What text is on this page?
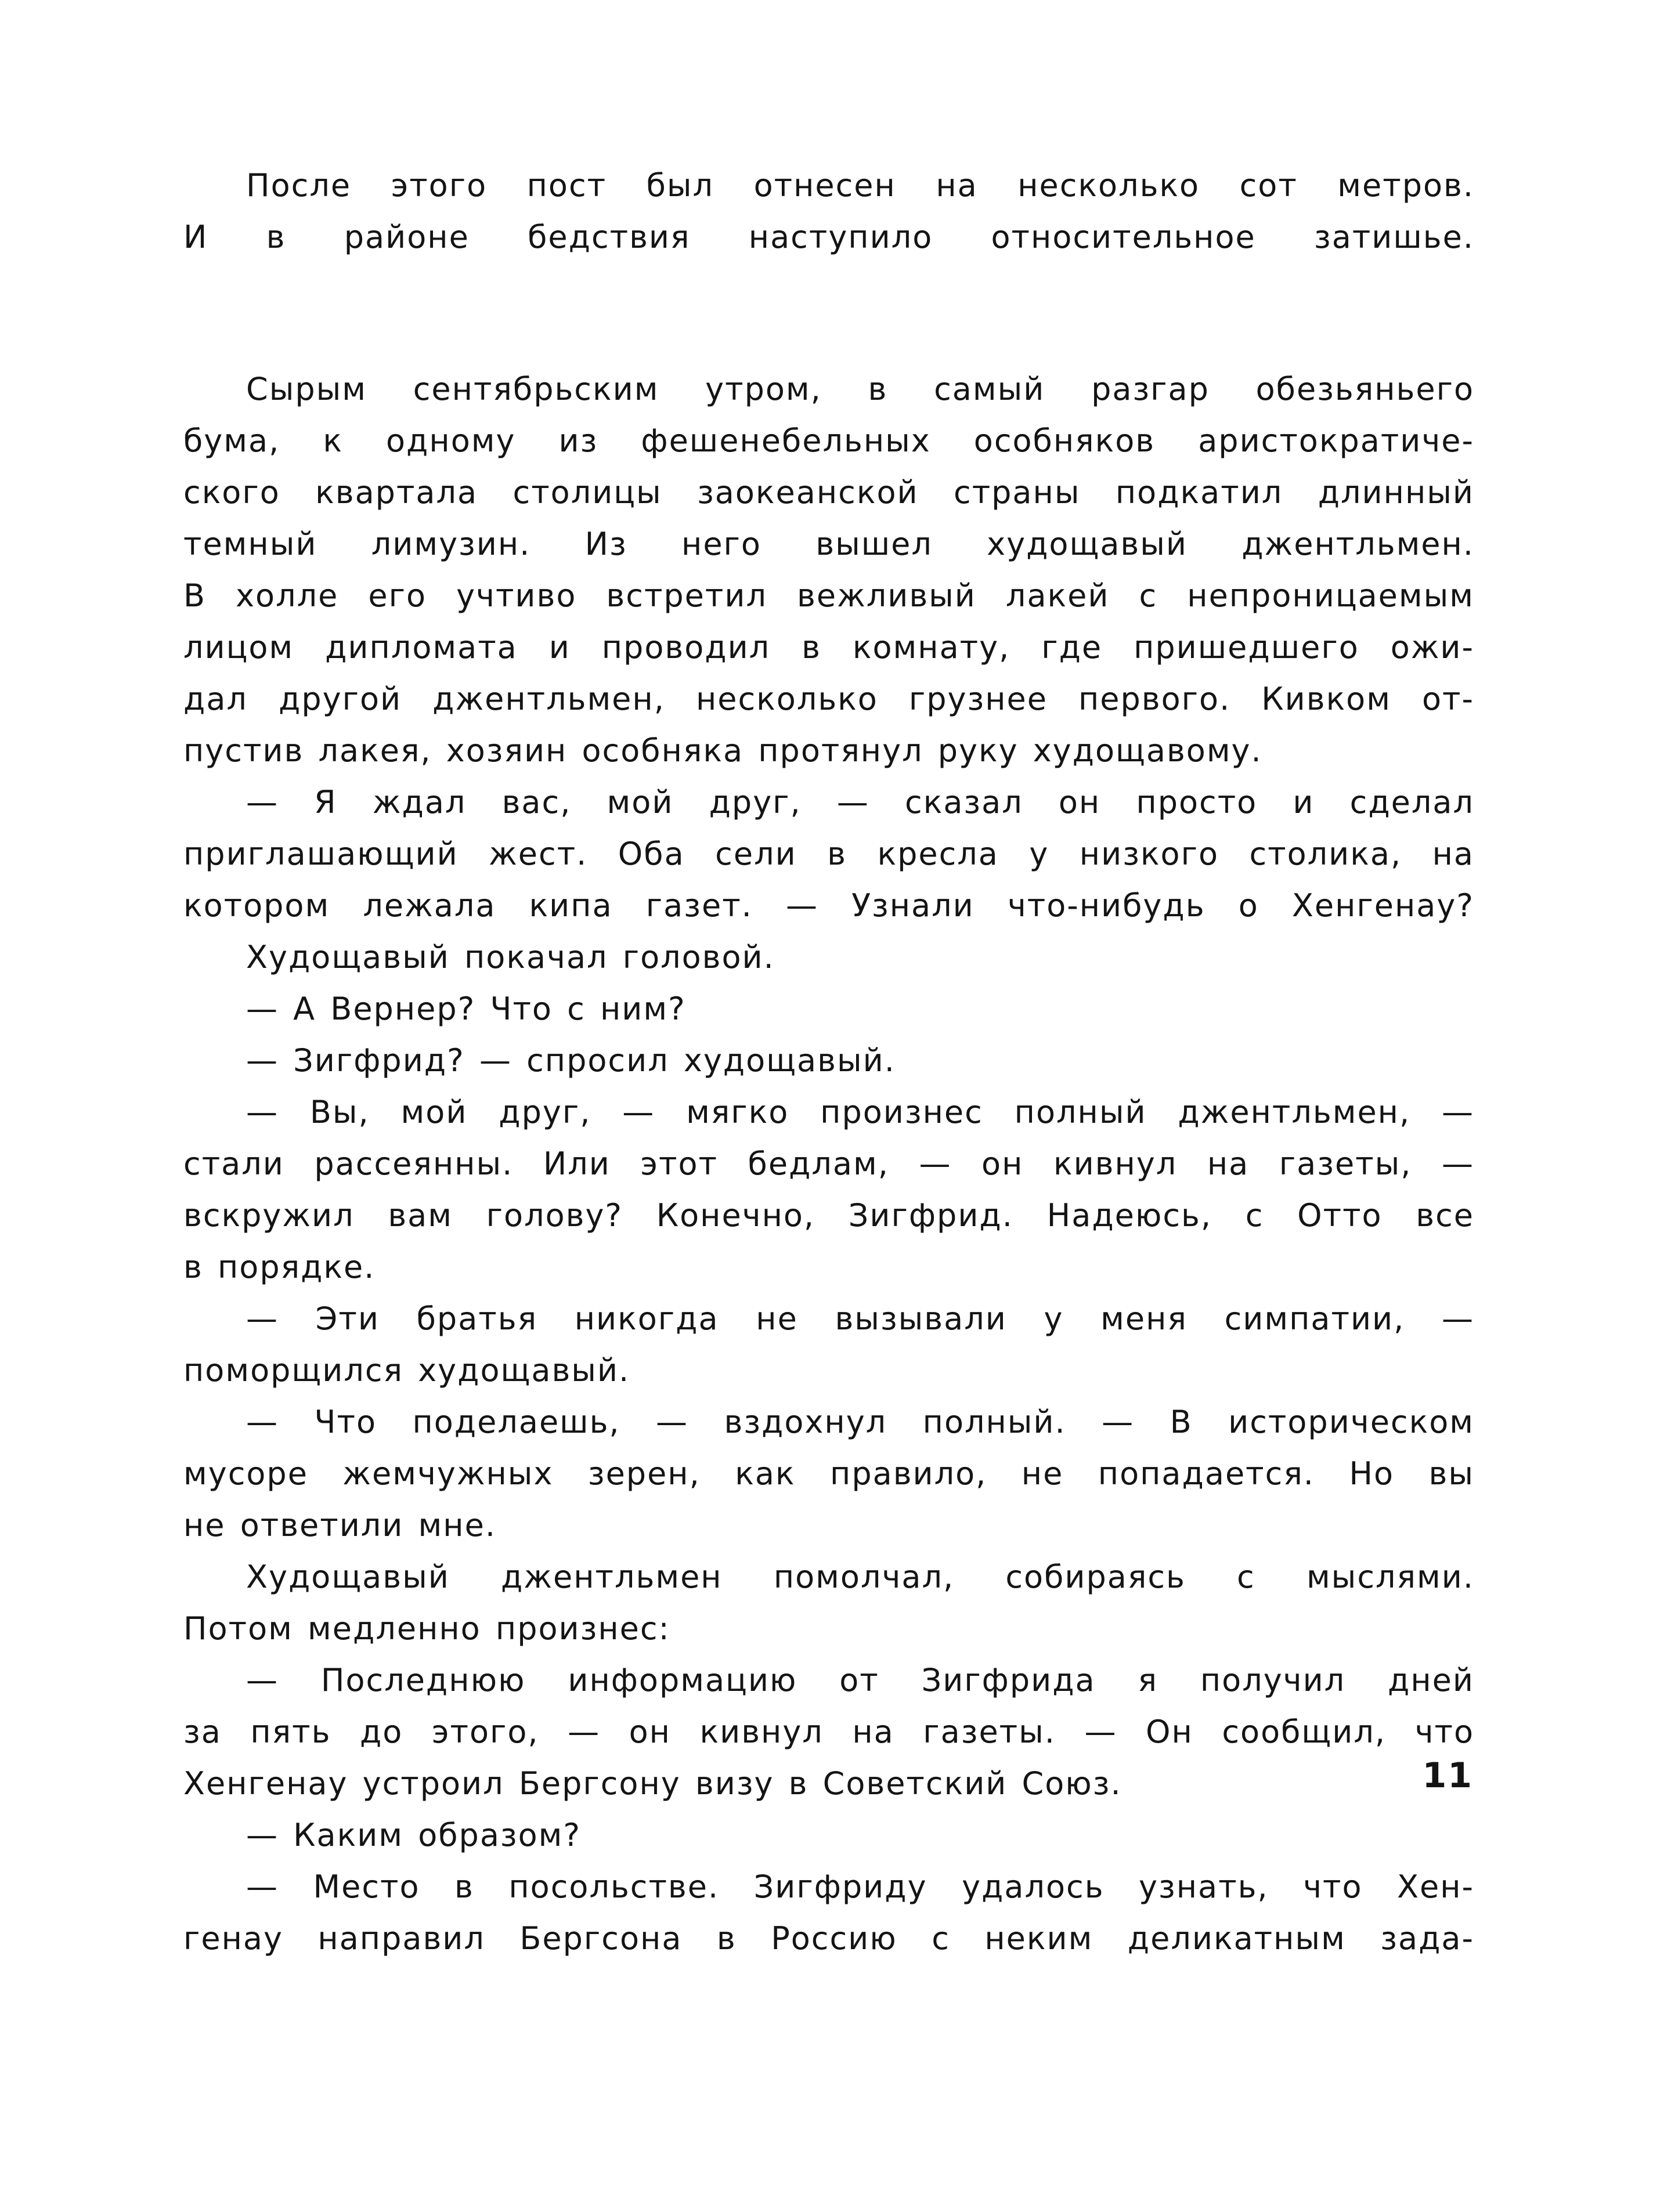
После этого пост был отнесен на несколько сот метров.
И в районе бедствия наступило относительное затишье.
Сырым сентябрьским утром, в самый разгар обезьяньего
бума, к одному из фешенебельных особняков аристократиче-
ского квартала столицы заокеанской страны подкатил длинный
темный лимузин. Из него вышел худощавый джентльмен.
В холле его учтиво встретил вежливый лакей с непроницаемым
лицом дипломата и проводил в комнату, где пришедшего ожи-
дал другой джентльмен, несколько грузнее первого. Кивком от-
пустив лакея, хозяин особняка протянул руку худощавому.
— Я ждал вас, мой друг, — сказал он просто и сделал
приглашающий жест. Оба сели в кресла у низкого столика, на
котором лежала кипа газет. — Узнали что-нибудь о Хенгенау?
Худощавый покачал головой.
— А Вернер? Что с ним?
— Зигфрид? — спросил худощавый.
— Вы, мой друг, — мягко произнес полный джентльмен, —
стали рассеянны. Или этот бедлам, — он кивнул на газеты, —
вскружил вам голову? Конечно, Зигфрид. Надеюсь, с Отто все
в порядке.
— Эти братья никогда не вызывали у меня симпатии, —
поморщился худощавый.
— Что поделаешь, — вздохнул полный. — В историческом
мусоре жемчужных зерен, как правило, не попадается. Но вы
не ответили мне.
Худощавый джентльмен помолчал, собираясь с мыслями.
Потом медленно произнес:
— Последнюю информацию от Зигфрида я получил дней
за пять до этого, — он кивнул на газеты. — Он сообщил, что
Хенгенау устроил Бергсону визу в Советский Союз.
— Каким образом?
— Место в посольстве. Зигфриду удалось узнать, что Хен-
генау направил Бергсона в Россию с неким деликатным зада-
11
